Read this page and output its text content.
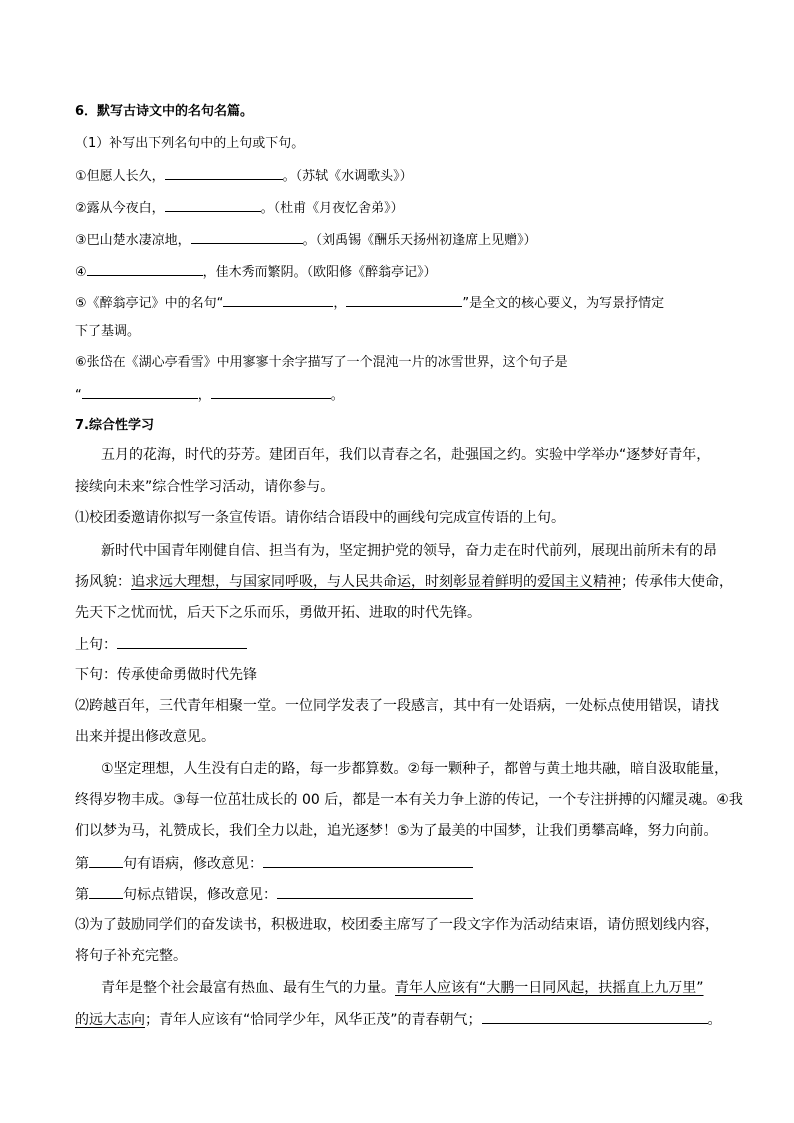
6．默写古诗文中的名句名篇。
（1）补写出下列名句中的上句或下句。
①但愿人长久，	。（苏轼《水调歌头》）
②露从今夜白，	。（杜甫《月夜忆舍弟》）
③巴山楚水凄凉地，	。（刘禹锡《酬乐天扬州初逢席上见赠》）
④	，佳木秀而繁阴。（欧阳修《醉翁亭记》）
⑤《醉翁亭记》中的名句“	，	”是全文的核心要义，为写景抒情定
下了基调。
⑥张岱在《湖心亭看雪》中用寥寥十余字描写了一个混沌一片的冰雪世界，这个句子是
“	，	。
7.综合性学习
五月的花海，时代的芬芳。建团百年，我们以青春之名，赴强国之约。实验中学举办“逐梦好青年，
接续向未来”综合性学习活动，请你参与。
⑴校团委邀请你拟写一条宣传语。请你结合语段中的画线句完成宣传语的上句。
新时代中国青年刚健自信、担当有为，坚定拥护党的领导，奋力走在时代前列，展现出前所未有的昂
扬风貌：追求远大理想，与国家同呼吸，与人民共命运，时刻彰显着鲜明的爱国主义精神；传承伟大使命，
先天下之忧而忧，后天下之乐而乐，勇做开拓、进取的时代先锋。
上句：
下句：传承使命勇做时代先锋
⑵跨越百年，三代青年相聚一堂。一位同学发表了一段感言，其中有一处语病，一处标点使用错误，请找
出来并提出修改意见。
①坚定理想，人生没有白走的路，每一步都算数。②每一颗种子，都曾与黄土地共融，暗自汲取能量，
终得岁物丰成。③每一位茁壮成长的 00 后，都是一本有关力争上游的传记，一个专注拼搏的闪耀灵魂。④我
们以梦为马，礼赞成长，我们全力以赴，追光逐梦！⑤为了最美的中国梦，让我们勇攀高峰，努力向前。
第 句有语病，修改意见：
第 句标点错误，修改意见：
⑶为了鼓励同学们的奋发读书，积极进取，校团委主席写了一段文字作为活动结束语，请仿照划线内容，
将句子补充完整。
青年是整个社会最富有热血、最有生气的力量。青年人应该有“大鹏一日同风起，扶摇直上九万里”
的远大志向；青年人应该有“恰同学少年，风华正茂”的青春朝气；	。
